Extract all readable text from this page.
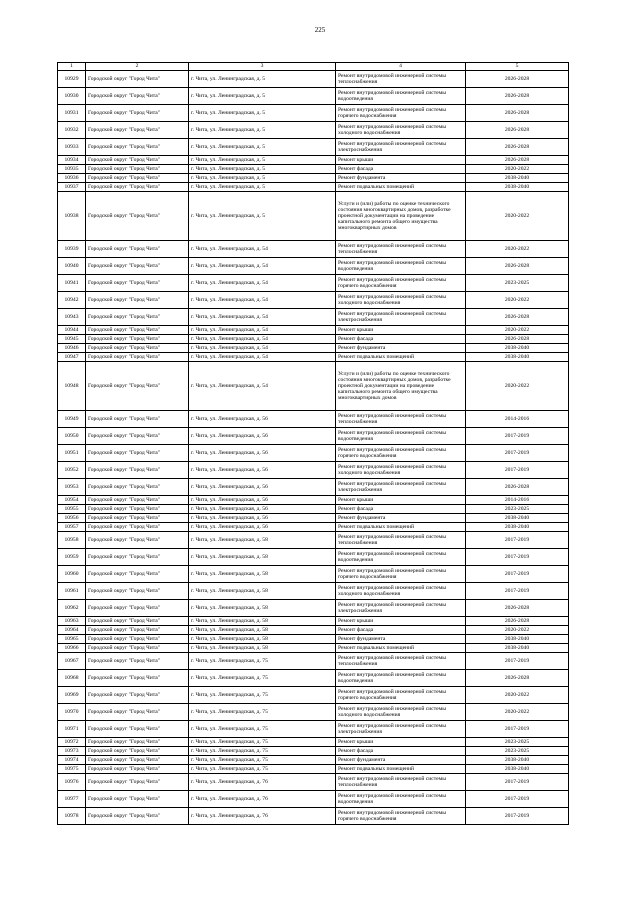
225
1	2	3	4	5
10929	Городской округ "Город Чита"	г. Чита, ул. Ленинградская, д. 5	Ремонт внутридомовой инженерной системы теплоснабжения	2026-2028
10930	Городской округ "Город Чита"	г. Чита, ул. Ленинградская, д. 5	Ремонт внутридомовой инженерной системы водоотведения	2026-2028
10931	Городской округ "Город Чита"	г. Чита, ул. Ленинградская, д. 5	Ремонт внутридомовой инженерной системы горячего водоснабжения	2026-2028
10932	Городской округ "Город Чита"	г. Чита, ул. Ленинградская, д. 5	Ремонт внутридомовой инженерной системы холодного водоснабжения	2026-2028
10933	Городской округ "Город Чита"	г. Чита, ул. Ленинградская, д. 5	Ремонт внутридомовой инженерной системы электроснабжения	2026-2028
10934	Городской округ "Город Чита"	г. Чита, ул. Ленинградская, д. 5	Ремонт крыши	2026-2028
10935	Городской округ "Город Чита"	г. Чита, ул. Ленинградская, д. 5	Ремонт фасада	2020-2022
10936	Городской округ "Город Чита"	г. Чита, ул. Ленинградская, д. 5	Ремонт фундамента	2038-2040
10937	Городской округ "Город Чита"	г. Чита, ул. Ленинградская, д. 5	Ремонт подвальных помещений	2038-2040
10938	Городской округ "Город Чита"	г. Чита, ул. Ленинградская, д. 5	Услуги и (или) работы по оценке технического состояния многоквартирных домов, разработке проектной документации на проведение капитального ремонта общего имущества многоквартирных домов	2020-2022
10939	Городской округ "Город Чита"	г. Чита, ул. Ленинградская, д. 54	Ремонт внутридомовой инженерной системы теплоснабжения	2020-2022
10940	Городской округ "Город Чита"	г. Чита, ул. Ленинградская, д. 54	Ремонт внутридомовой инженерной системы водоотведения	2026-2028
10941	Городской округ "Город Чита"	г. Чита, ул. Ленинградская, д. 54	Ремонт внутридомовой инженерной системы горячего водоснабжения	2023-2025
10942	Городской округ "Город Чита"	г. Чита, ул. Ленинградская, д. 54	Ремонт внутридомовой инженерной системы холодного водоснабжения	2020-2022
10943	Городской округ "Город Чита"	г. Чита, ул. Ленинградская, д. 54	Ремонт внутридомовой инженерной системы электроснабжения	2026-2028
10944	Городской округ "Город Чита"	г. Чита, ул. Ленинградская, д. 54	Ремонт крыши	2020-2022
10945	Городской округ "Город Чита"	г. Чита, ул. Ленинградская, д. 54	Ремонт фасада	2026-2028
10946	Городской округ "Город Чита"	г. Чита, ул. Ленинградская, д. 54	Ремонт фундамента	2038-2040
10947	Городской округ "Город Чита"	г. Чита, ул. Ленинградская, д. 54	Ремонт подвальных помещений	2038-2040
10948	Городской округ "Город Чита"	г. Чита, ул. Ленинградская, д. 54	Услуги и (или) работы по оценке технического состояния многоквартирных домов, разработке проектной документации на проведение капитального ремонта общего имущества многоквартирных домов	2020-2022
10949	Городской округ "Город Чита"	г. Чита, ул. Ленинградская, д. 56	Ремонт внутридомовой инженерной системы теплоснабжения	2014-2016
10950	Городской округ "Город Чита"	г. Чита, ул. Ленинградская, д. 56	Ремонт внутридомовой инженерной системы водоотведения	2017-2019
10951	Городской округ "Город Чита"	г. Чита, ул. Ленинградская, д. 56	Ремонт внутридомовой инженерной системы горячего водоснабжения	2017-2019
10952	Городской округ "Город Чита"	г. Чита, ул. Ленинградская, д. 56	Ремонт внутридомовой инженерной системы холодного водоснабжения	2017-2019
10953	Городской округ "Город Чита"	г. Чита, ул. Ленинградская, д. 56	Ремонт внутридомовой инженерной системы электроснабжения	2026-2028
10954	Городской округ "Город Чита"	г. Чита, ул. Ленинградская, д. 56	Ремонт крыши	2014-2016
10955	Городской округ "Город Чита"	г. Чита, ул. Ленинградская, д. 56	Ремонт фасада	2023-2025
10956	Городской округ "Город Чита"	г. Чита, ул. Ленинградская, д. 56	Ремонт фундамента	2038-2040
10957	Городской округ "Город Чита"	г. Чита, ул. Ленинградская, д. 56	Ремонт подвальных помещений	2038-2040
10958	Городской округ "Город Чита"	г. Чита, ул. Ленинградская, д. 58	Ремонт внутридомовой инженерной системы теплоснабжения	2017-2019
10959	Городской округ "Город Чита"	г. Чита, ул. Ленинградская, д. 58	Ремонт внутридомовой инженерной системы водоотведения	2017-2019
10960	Городской округ "Город Чита"	г. Чита, ул. Ленинградская, д. 58	Ремонт внутридомовой инженерной системы горячего водоснабжения	2017-2019
10961	Городской округ "Город Чита"	г. Чита, ул. Ленинградская, д. 58	Ремонт внутридомовой инженерной системы холодного водоснабжения	2017-2019
10962	Городской округ "Город Чита"	г. Чита, ул. Ленинградская, д. 58	Ремонт внутридомовой инженерной системы электроснабжения	2026-2028
10963	Городской округ "Город Чита"	г. Чита, ул. Ленинградская, д. 58	Ремонт крыши	2026-2028
10964	Городской округ "Город Чита"	г. Чита, ул. Ленинградская, д. 58	Ремонт фасада	2020-2022
10965	Городской округ "Город Чита"	г. Чита, ул. Ленинградская, д. 58	Ремонт фундамента	2038-2040
10966	Городской округ "Город Чита"	г. Чита, ул. Ленинградская, д. 58	Ремонт подвальных помещений	2038-2040
10967	Городской округ "Город Чита"	г. Чита, ул. Ленинградская, д. 75	Ремонт внутридомовой инженерной системы теплоснабжения	2017-2019
10968	Городской округ "Город Чита"	г. Чита, ул. Ленинградская, д. 75	Ремонт внутридомовой инженерной системы водоотведения	2026-2028
10969	Городской округ "Город Чита"	г. Чита, ул. Ленинградская, д. 75	Ремонт внутридомовой инженерной системы горячего водоснабжения	2020-2022
10970	Городской округ "Город Чита"	г. Чита, ул. Ленинградская, д. 75	Ремонт внутридомовой инженерной системы холодного водоснабжения	2020-2022
10971	Городской округ "Город Чита"	г. Чита, ул. Ленинградская, д. 75	Ремонт внутридомовой инженерной системы электроснабжения	2017-2019
10972	Городской округ "Город Чита"	г. Чита, ул. Ленинградская, д. 75	Ремонт крыши	2023-2025
10973	Городской округ "Город Чита"	г. Чита, ул. Ленинградская, д. 75	Ремонт фасада	2023-2025
10974	Городской округ "Город Чита"	г. Чита, ул. Ленинградская, д. 75	Ремонт фундамента	2038-2040
10975	Городской округ "Город Чита"	г. Чита, ул. Ленинградская, д. 75	Ремонт подвальных помещений	2038-2040
10976	Городской округ "Город Чита"	г. Чита, ул. Ленинградская, д. 76	Ремонт внутридомовой инженерной системы теплоснабжения	2017-2019
10977	Городской округ "Город Чита"	г. Чита, ул. Ленинградская, д. 76	Ремонт внутридомовой инженерной системы водоотведения	2017-2019
10978	Городской округ "Город Чита"	г. Чита, ул. Ленинградская, д. 76	Ремонт внутридомовой инженерной системы горячего водоснабжения	2017-2019
